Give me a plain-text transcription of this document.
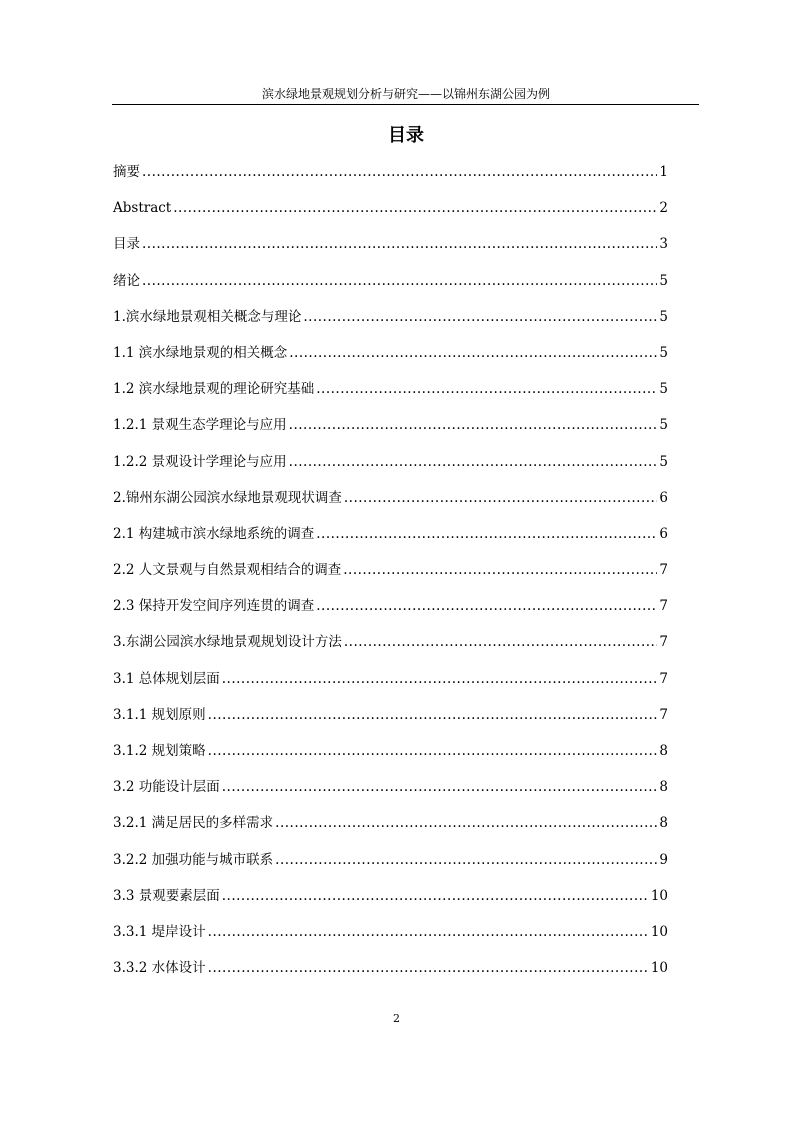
滨水绿地景观规划分析与研究——以锦州东湖公园为例
目录
摘要 .....	1
Abstract .....	2
目录 .....	3
绪论 .....	5
1.滨水绿地景观相关概念与理论 .....	5
1.1 滨水绿地景观的相关概念 .....	5
1.2 滨水绿地景观的理论研究基础 .....	5
1.2.1 景观生态学理论与应用 .....	5
1.2.2 景观设计学理论与应用 .....	5
2.锦州东湖公园滨水绿地景观现状调查 .....	6
2.1 构建城市滨水绿地系统的调查 .....	6
2.2 人文景观与自然景观相结合的调查 .....	7
2.3 保持开发空间序列连贯的调查 .....	7
3.东湖公园滨水绿地景观规划设计方法 .....	7
3.1 总体规划层面 .....	7
3.1.1 规划原则 .....	7
3.1.2 规划策略 .....	8
3.2 功能设计层面 .....	8
3.2.1 满足居民的多样需求 .....	8
3.2.2 加强功能与城市联系 .....	9
3.3 景观要素层面 .....	10
3.3.1 堤岸设计 .....	10
3.3.2 水体设计 .....	10
2
